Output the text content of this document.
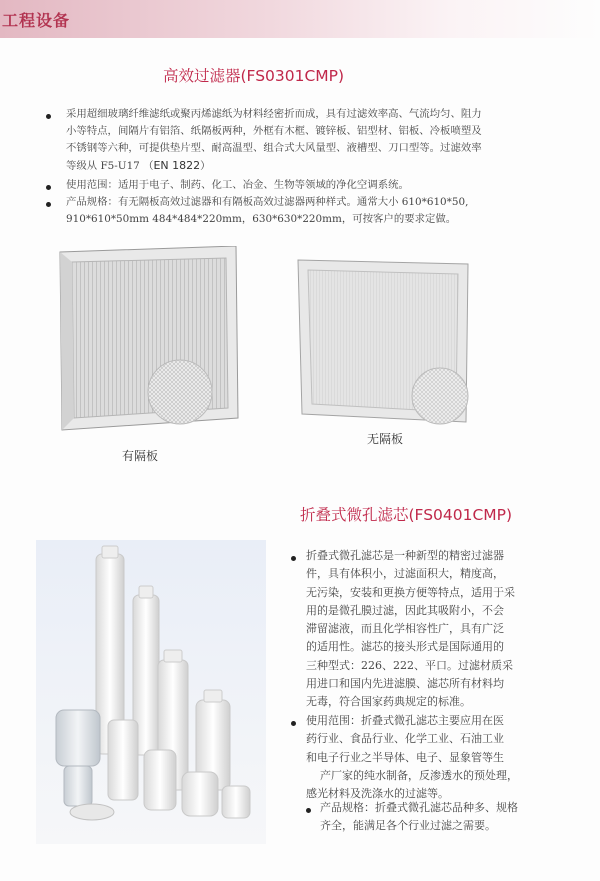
工程设备
高效过滤器(FS0301CMP)
采用超细玻璃纤维滤纸或聚丙烯滤纸为材料经密折而成，具有过滤效率高、气流均匀、阻力
小等特点，间隔片有铝箔、纸隔板两种，外框有木框、镀锌板、铝型材、铝板、冷板喷塑及
不锈钢等六种，可提供垫片型、耐高温型、组合式大风量型、液槽型、刀口型等。过滤效率
等级从 F5-U17 （EN 1822）
使用范围：适用于电子、制药、化工、冶金、生物等领域的净化空调系统。
产品规格：有无隔板高效过滤器和有隔板高效过滤器两种样式。通常大小 610*610*50,
910*610*50mm 484*484*220mm，630*630*220mm，可按客户的要求定做。
有隔板
无隔板
折叠式微孔滤芯(FS0401CMP)
折叠式微孔滤芯是一种新型的精密过滤器
件，具有体积小，过滤面积大，精度高，
无污染，安装和更换方便等特点，适用于采
用的是微孔膜过滤，因此其吸附小，不会
滞留滤液，而且化学相容性广，具有广泛
的适用性。滤芯的接头形式是国际通用的
三种型式：226、222、平口。过滤材质采
用进口和国内先进滤膜、滤芯所有材料均
无毒，符合国家药典规定的标准。
使用范围：折叠式微孔滤芯主要应用在医
药行业、食品行业、化学工业、石油工业
和电子行业之半导体、电子、显象管等生
产厂家的纯水制备，反渗透水的预处理，
感光材料及洗涤水的过滤等。
产品规格：折叠式微孔滤芯品种多、规格
齐全，能满足各个行业过滤之需要。
